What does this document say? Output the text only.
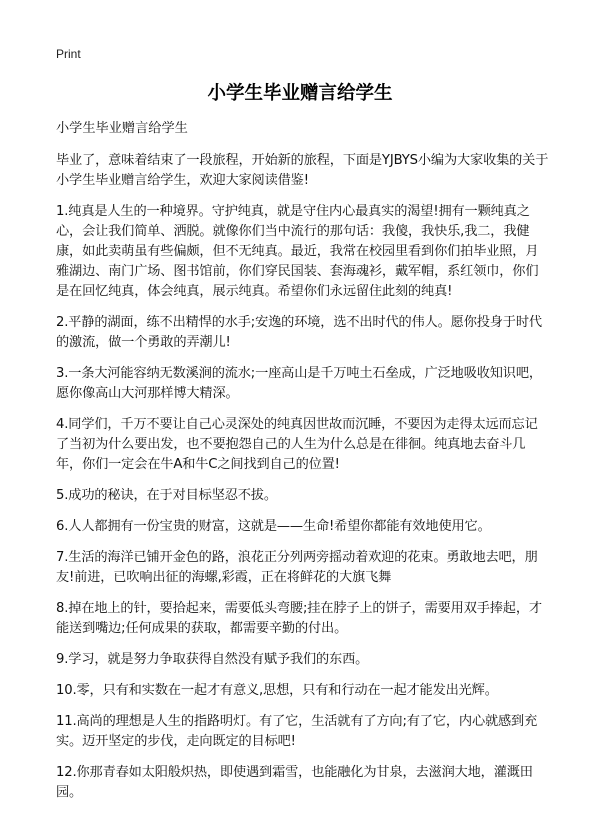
Print
小学生毕业赠言给学生
小学生毕业赠言给学生

毕业了，意味着结束了一段旅程，开始新的旅程，下面是YJBYS小编为大家收集的关于小学生毕业赠言给学生，欢迎大家阅读借鉴!

1.纯真是人生的一种境界。守护纯真，就是守住内心最真实的渴望!拥有一颗纯真之心，会让我们简单、洒脱。就像你们当中流行的那句话：我傻，我快乐,我二，我健康，如此卖萌虽有些偏颇，但不无纯真。最近，我常在校园里看到你们拍毕业照，月雅湖边、南门广场、图书馆前，你们穿民国装、套海魂衫，戴军帽，系红领巾，你们是在回忆纯真，体会纯真，展示纯真。希望你们永远留住此刻的纯真!

2.平静的湖面，练不出精悍的水手;安逸的环境，选不出时代的伟人。愿你投身于时代的激流，做一个勇敢的弄潮儿!

3.一条大河能容纳无数溪涧的流水;一座高山是千万吨土石垒成，广泛地吸收知识吧，愿你像高山大河那样博大精深。

4.同学们，千万不要让自己心灵深处的纯真因世故而沉睡，不要因为走得太远而忘记了当初为什么要出发，也不要抱怨自己的人生为什么总是在徘徊。纯真地去奋斗几年，你们一定会在牛A和牛C之间找到自己的位置!

5.成功的秘诀，在于对目标坚忍不拔。

6.人人都拥有一份宝贵的财富，这就是——生命!希望你都能有效地使用它。

7.生活的海洋已铺开金色的路，浪花正分列两旁摇动着欢迎的花束。勇敢地去吧，朋友!前进，已吹响出征的海螺,彩霞，正在将鲜花的大旗飞舞

8.掉在地上的针，要拾起来，需要低头弯腰;挂在脖子上的饼子，需要用双手捧起，才能送到嘴边;任何成果的获取，都需要辛勤的付出。

9.学习，就是努力争取获得自然没有赋予我们的东西。

10.零，只有和实数在一起才有意义,思想，只有和行动在一起才能发出光辉。

11.高尚的理想是人生的指路明灯。有了它，生活就有了方向;有了它，内心就感到充实。迈开坚定的步伐，走向既定的目标吧!

12.你那青春如太阳般炽热，即使遇到霜雪，也能融化为甘泉，去滋润大地，灌溉田园。
